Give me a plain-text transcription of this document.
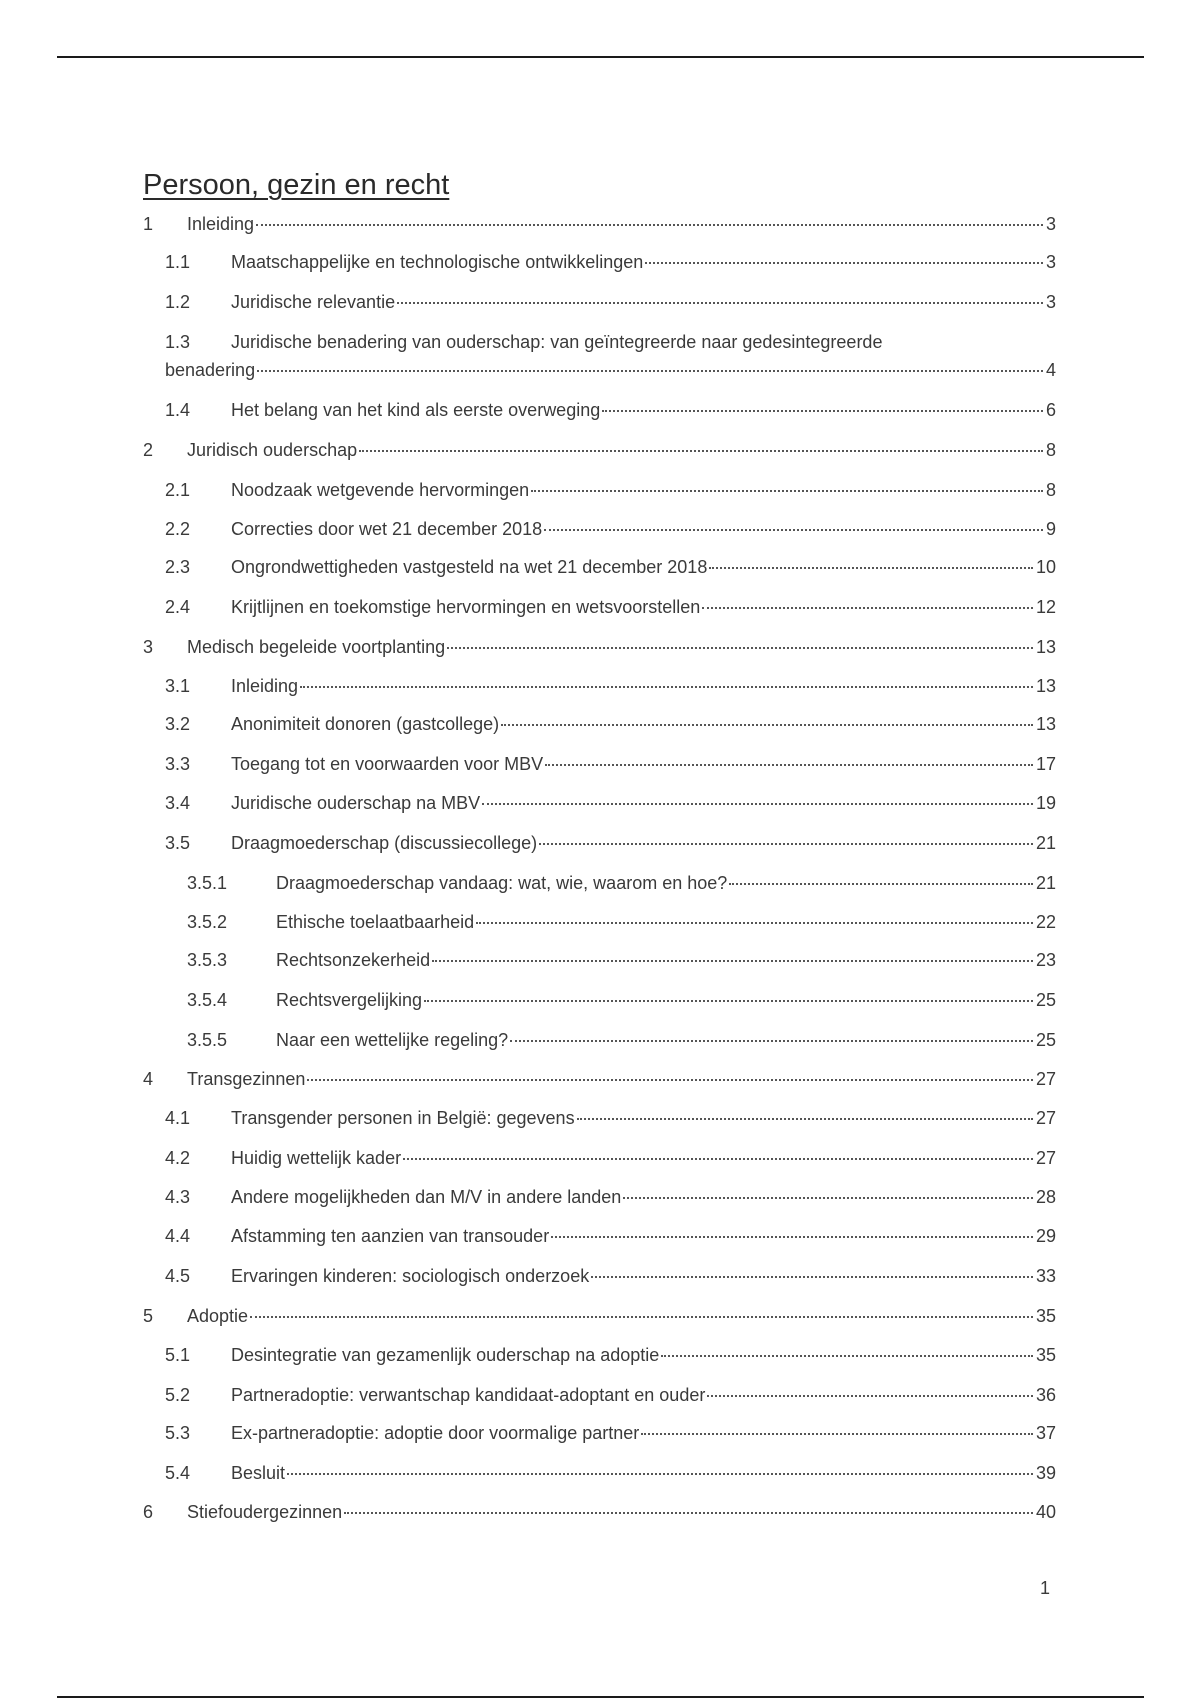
Persoon, gezin en recht
1 Inleiding	3
1.1 Maatschappelijke en technologische ontwikkelingen	3
1.2 Juridische relevantie	3
1.3 Juridische benadering van ouderschap: van geïntegreerde naar gedesintegreerde
benadering	4
1.4 Het belang van het kind als eerste overweging	6
2 Juridisch ouderschap	8
2.1 Noodzaak wetgevende hervormingen	8
2.2 Correcties door wet 21 december 2018	9
2.3 Ongrondwettigheden vastgesteld na wet 21 december 2018	10
2.4 Krijtlijnen en toekomstige hervormingen en wetsvoorstellen	12
3 Medisch begeleide voortplanting	13
3.1 Inleiding	13
3.2 Anonimiteit donoren (gastcollege)	13
3.3 Toegang tot en voorwaarden voor MBV	17
3.4 Juridische ouderschap na MBV	19
3.5 Draagmoederschap (discussiecollege)	21
3.5.1	Draagmoederschap vandaag: wat, wie, waarom en hoe?	21
3.5.2	Ethische toelaatbaarheid	22
3.5.3	Rechtsonzekerheid	23
3.5.4	Rechtsvergelijking	25
3.5.5	Naar een wettelijke regeling?	25
4 Transgezinnen	27
4.1 Transgender personen in België: gegevens	27
4.2 Huidig wettelijk kader	27
4.3 Andere mogelijkheden dan M/V in andere landen	28
4.4 Afstamming ten aanzien van transouder	29
4.5 Ervaringen kinderen: sociologisch onderzoek	33
5 Adoptie	35
5.1 Desintegratie van gezamenlijk ouderschap na adoptie	35
5.2 Partneradoptie: verwantschap kandidaat-adoptant en ouder	36
5.3 Ex-partneradoptie: adoptie door voormalige partner	37
5.4 Besluit	39
6 Stiefoudergezinnen	40
1
